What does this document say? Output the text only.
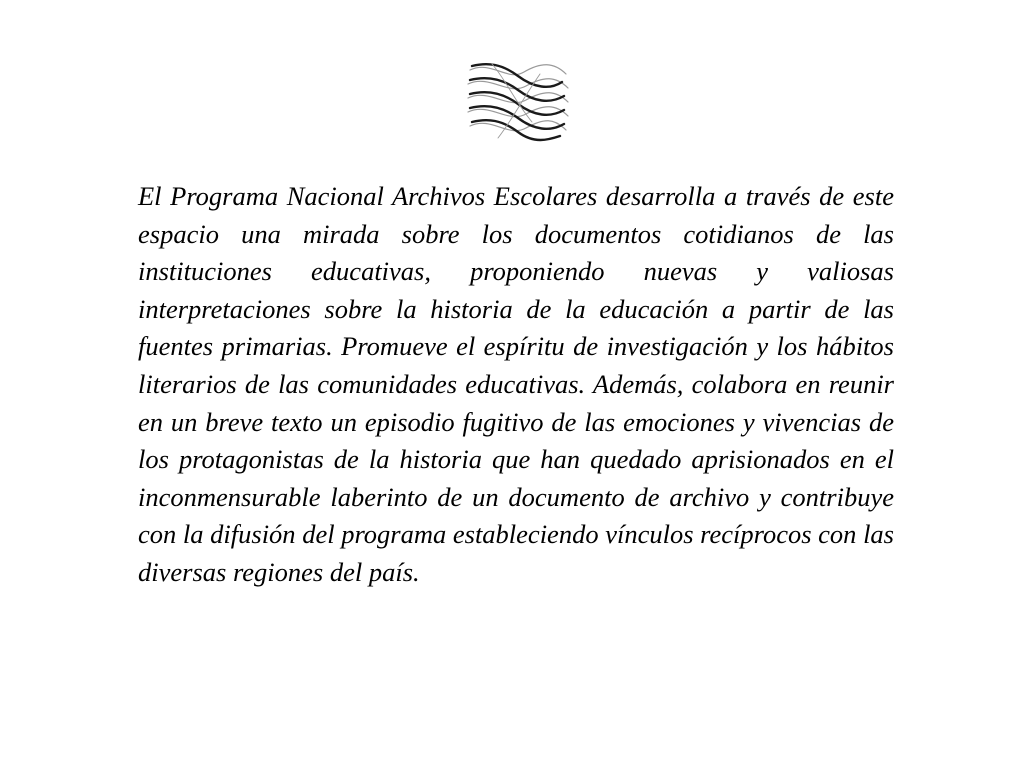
El Programa Nacional Archivos Escolares desarrolla a través de este espacio una mirada sobre los documentos cotidianos de las instituciones educativas, proponiendo nuevas y valiosas interpretaciones sobre la historia de la educación a partir de las fuentes primarias. Promueve el espíritu de investigación y los hábitos literarios de las comunidades educativas. Además, colabora en reunir en un breve texto un episodio fugitivo de las emociones y vivencias de los protagonistas de la historia que han quedado aprisionados en el inconmensurable laberinto de un documento de archivo y contribuye con la difusión del programa estableciendo vínculos recíprocos con las diversas regiones del país.
